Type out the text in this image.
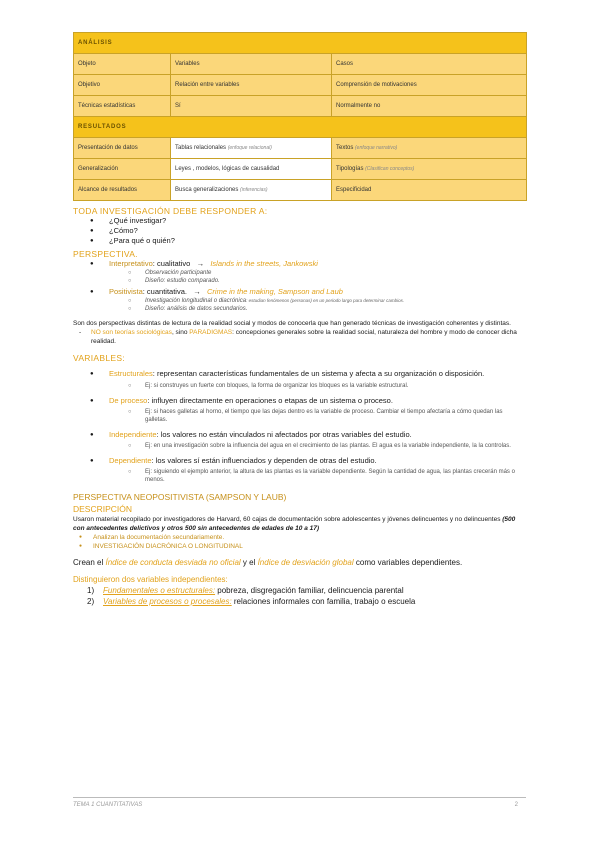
ANÁLISIS		
Objeto	Variables	Casos
Objetivo	Relación entre variables	Comprensión de motivaciones
Técnicas estadísticas	Sí	Normalmente no
RESULTADOS		
Presentación de datos	Tablas relacionales (enfoque relacional)	Textos (enfoque narrativo)
Generalización	Leyes , modelos, lógicas de causalidad	Tipologías (Clasifican conceptos)
Alcance de resultados	Busca generalizaciones (inferencias)	Especificidad
TODA INVESTIGACIÓN DEBE RESPONDER A:
● ¿Qué investigar?
● ¿Cómo?
● ¿Para qué o quién?
PERSPECTIVA.
● Interpretativo: cualitativo → Islands in the streets, Jankowski
○ Observación participante
○ Diseño: estudio comparado.
● Positivista: cuantitativa. → Crime in the making, Sampson and Laub
○ Investigación longitudinal o diacrónica: estudian fenómenos (personas) en un periodo largo para determinar cambios.
○ Diseño: análisis de datos secundarios.
Son dos perspectivas distintas de lectura de la realidad social y modos de conocerla que han generado técnicas de investigación coherentes y distintas.
- NO son teorías sociológicas, sino PARADIGMAS: concepciones generales sobre la realidad social, naturaleza del hombre y modo de conocer dicha realidad.
VARIABLES:
● Estructurales: representan características fundamentales de un sistema y afecta a su organización o disposición.
○ Ej: si construyes un fuerte con bloques, la forma de organizar los bloques es la variable estructural.
● De proceso: influyen directamente en operaciones o etapas de un sistema o proceso.
○ Ej: si haces galletas al horno, el tiempo que las dejas dentro es la variable de proceso. Cambiar el tiempo afectaría a cómo quedan las galletas.
● Independiente: los valores no están vinculados ni afectados por otras variables del estudio.
○ Ej: en una investigación sobre la influencia del agua en el crecimiento de las plantas. El agua es la variable independiente, la la controlas.
● Dependiente: los valores sí están influenciados y dependen de otras del estudio.
○ Ej: siguiendo el ejemplo anterior, la altura de las plantas es la variable dependiente. Según la cantidad de agua, las plantas crecerán más o menos.
PERSPECTIVA NEOPOSITIVISTA (SAMPSON Y LAUB)
DESCRIPCIÓN
Usaron material recopilado por investigadores de Harvard, 60 cajas de documentación sobre adolescentes y jóvenes delincuentes y no delincuentes (500 con antecedentes delictivos y otros 500 sin antecedentes de edades de 10 a 17)
● Analizan la documentación secundariamente.
● INVESTIGACIÓN DIACRÓNICA O LONGITUDINAL
Crean el Índice de conducta desviada no oficial y el Índice de desviación global como variables dependientes.
Distinguieron dos variables independientes:
1) Fundamentales o estructurales: pobreza, disgregación familiar, delincuencia parental
2) Variables de procesos o procesales: relaciones informales con familia, trabajo o escuela
TEMA 1 CUANTITATIVAS	2
